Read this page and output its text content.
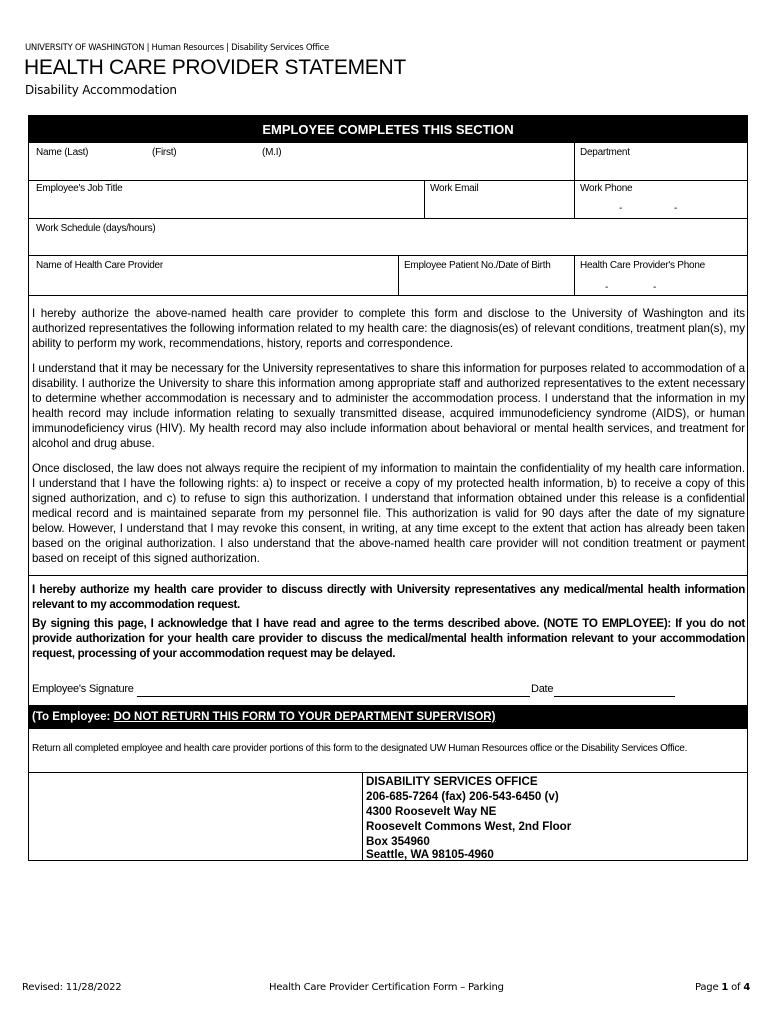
UNIVERSITY OF WASHINGTON | Human Resources | Disability Services Office
HEALTH CARE PROVIDER STATEMENT
Disability Accommodation
EMPLOYEE COMPLETES THIS SECTION
Name (Last)	(First)	(M.I)	Department
Employee's Job Title	Work Email	Work Phone
-	-
Work Schedule (days/hours)
Name of Health Care Provider	Employee Patient No./Date of Birth	Health Care Provider's Phone
-	-
I hereby authorize the above-named health care provider to complete this form and disclose to the University of Washington and its authorized representatives the following information related to my health care: the diagnosis(es) of relevant conditions, treatment plan(s), my ability to perform my work, recommendations, history, reports and correspondence.
I understand that it may be necessary for the University representatives to share this information for purposes related to accommodation of a disability. I authorize the University to share this information among appropriate staff and authorized representatives to the extent necessary to determine whether accommodation is necessary and to administer the accommodation process. I understand that the information in my health record may include information relating to sexually transmitted disease, acquired immunodeficiency syndrome (AIDS), or human immunodeficiency virus (HIV). My health record may also include information about behavioral or mental health services, and treatment for alcohol and drug abuse.
Once disclosed, the law does not always require the recipient of my information to maintain the confidentiality of my health care information. I understand that I have the following rights: a) to inspect or receive a copy of my protected health information, b) to receive a copy of this signed authorization, and c) to refuse to sign this authorization. I understand that information obtained under this release is a confidential medical record and is maintained separate from my personnel file. This authorization is valid for 90 days after the date of my signature below. However, I understand that I may revoke this consent, in writing, at any time except to the extent that action has already been taken based on the original authorization. I also understand that the above-named health care provider will not condition treatment or payment based on receipt of this signed authorization.
I hereby authorize my health care provider to discuss directly with University representatives any medical/mental health information relevant to my accommodation request.
By signing this page, I acknowledge that I have read and agree to the terms described above. (NOTE TO EMPLOYEE): If you do not provide authorization for your health care provider to discuss the medical/mental health information relevant to your accommodation request, processing of your accommodation request may be delayed.
Employee's Signature	Date
(To Employee: DO NOT RETURN THIS FORM TO YOUR DEPARTMENT SUPERVISOR)
Return all completed employee and health care provider portions of this form to the designated UW Human Resources office or the Disability Services Office.
DISABILITY SERVICES OFFICE
206-685-7264 (fax) 206-543-6450 (v)
4300 Roosevelt Way NE
Roosevelt Commons West, 2nd Floor
Box 354960
Seattle, WA 98105-4960
Revised: 11/28/2022	Health Care Provider Certification Form – Parking	Page 1 of 4
